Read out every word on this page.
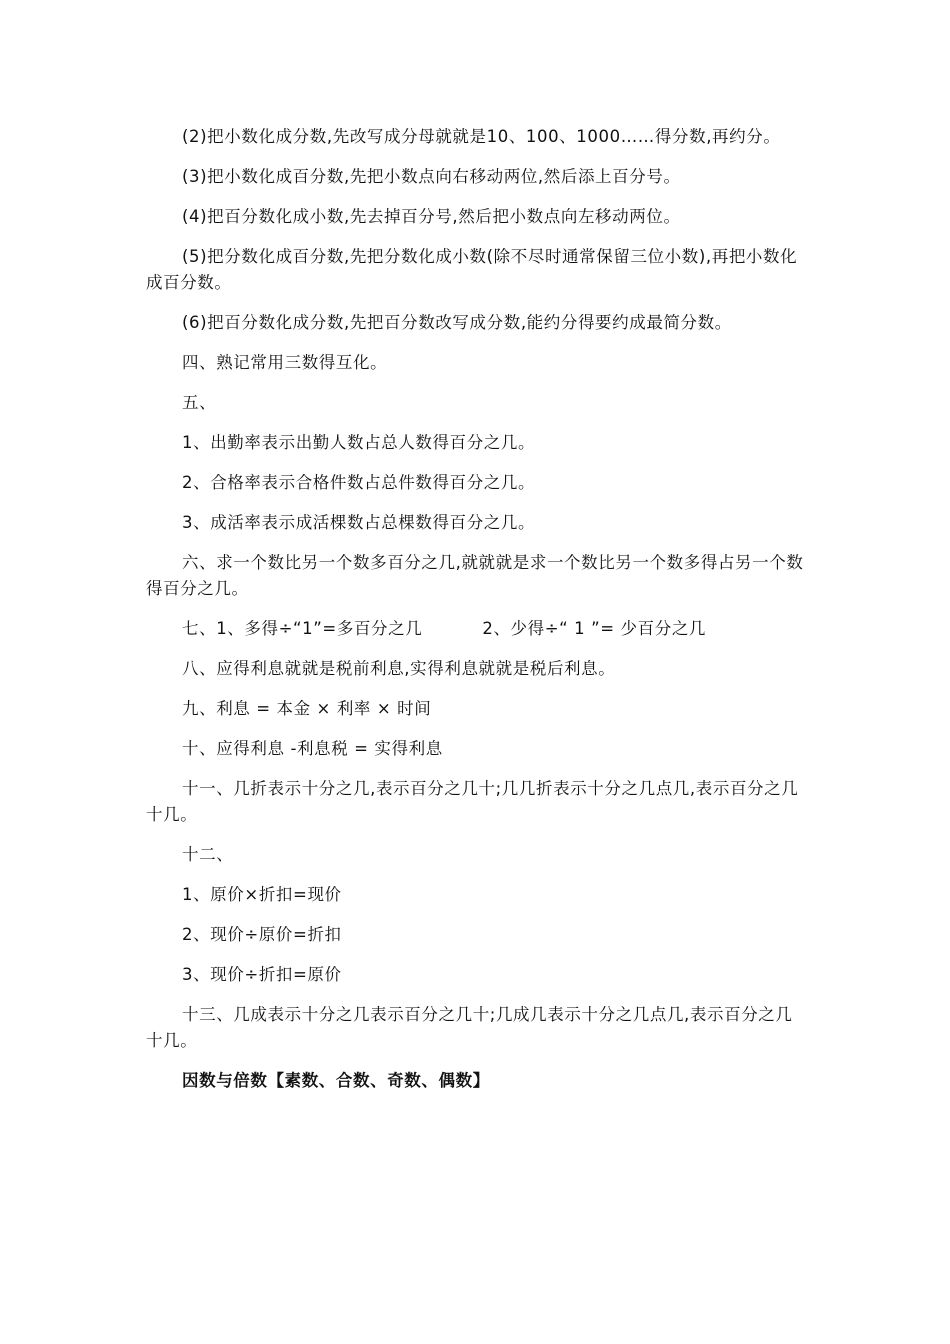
(2)把小数化成分数,先改写成分母就就是10、100、1000……得分数,再约分。

(3)把小数化成百分数,先把小数点向右移动两位,然后添上百分号。

(4)把百分数化成小数,先去掉百分号,然后把小数点向左移动两位。

(5)把分数化成百分数,先把分数化成小数(除不尽时通常保留三位小数),再把小数化成百分数。

(6)把百分数化成分数,先把百分数改写成分数,能约分得要约成最简分数。

四、熟记常用三数得互化。

五、

1、出勤率表示出勤人数占总人数得百分之几。

2、合格率表示合格件数占总件数得百分之几。

3、成活率表示成活棵数占总棵数得百分之几。

六、求一个数比另一个数多百分之几,就就就是求一个数比另一个数多得占另一个数得百分之几。

七、1、多得÷“1”=多百分之几	2、少得÷“ 1 ”= 少百分之几

八、应得利息就就是税前利息,实得利息就就是税后利息。

九、利息 = 本金 × 利率 × 时间

十、应得利息 -利息税 = 实得利息

十一、几折表示十分之几,表示百分之几十;几几折表示十分之几点几,表示百分之几十几。

十二、

1、原价×折扣=现价

2、现价÷原价=折扣

3、现价÷折扣=原价

十三、几成表示十分之几表示百分之几十;几成几表示十分之几点几,表示百分之几十几。

因数与倍数【素数、合数、奇数、偶数】
